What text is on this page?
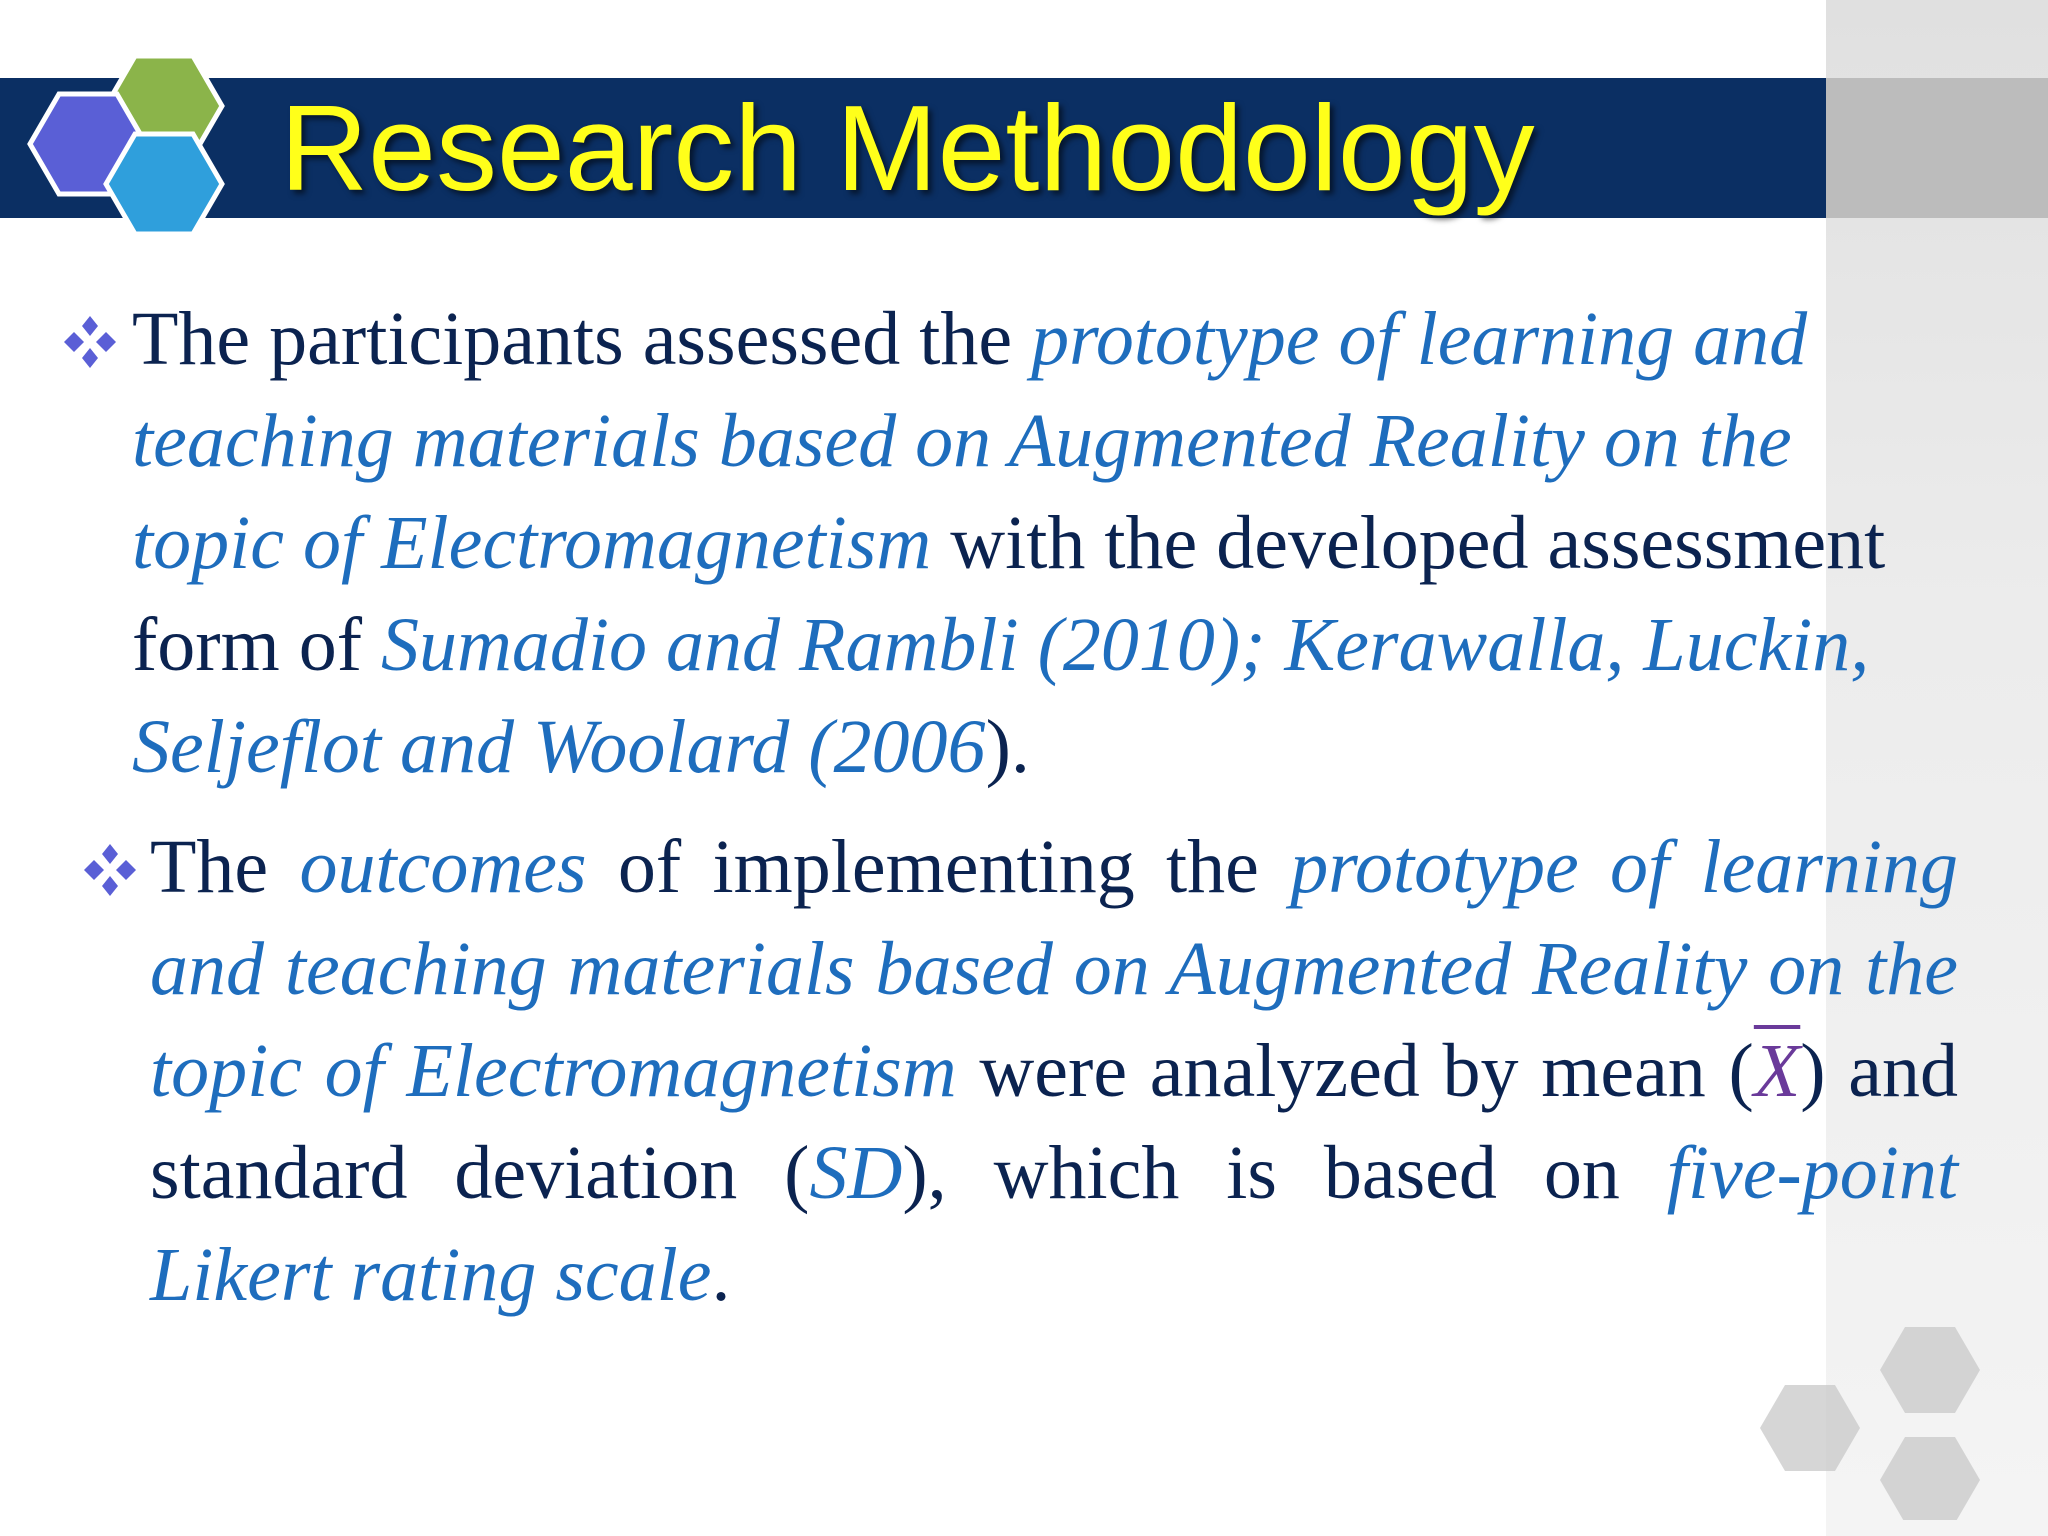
Research Methodology

The participants assessed the prototype of learning and teaching materials based on Augmented Reality on the topic of Electromagnetism with the developed assessment form of Sumadio and Rambli (2010); Kerawalla, Luckin, Seljeflot and Woolard (2006).

The outcomes of implementing the prototype of learning and teaching materials based on Augmented Reality on the topic of Electromagnetism were analyzed by mean $(\overline{X})$ and standard deviation (SD), which is based on five-point Likert rating scale.
